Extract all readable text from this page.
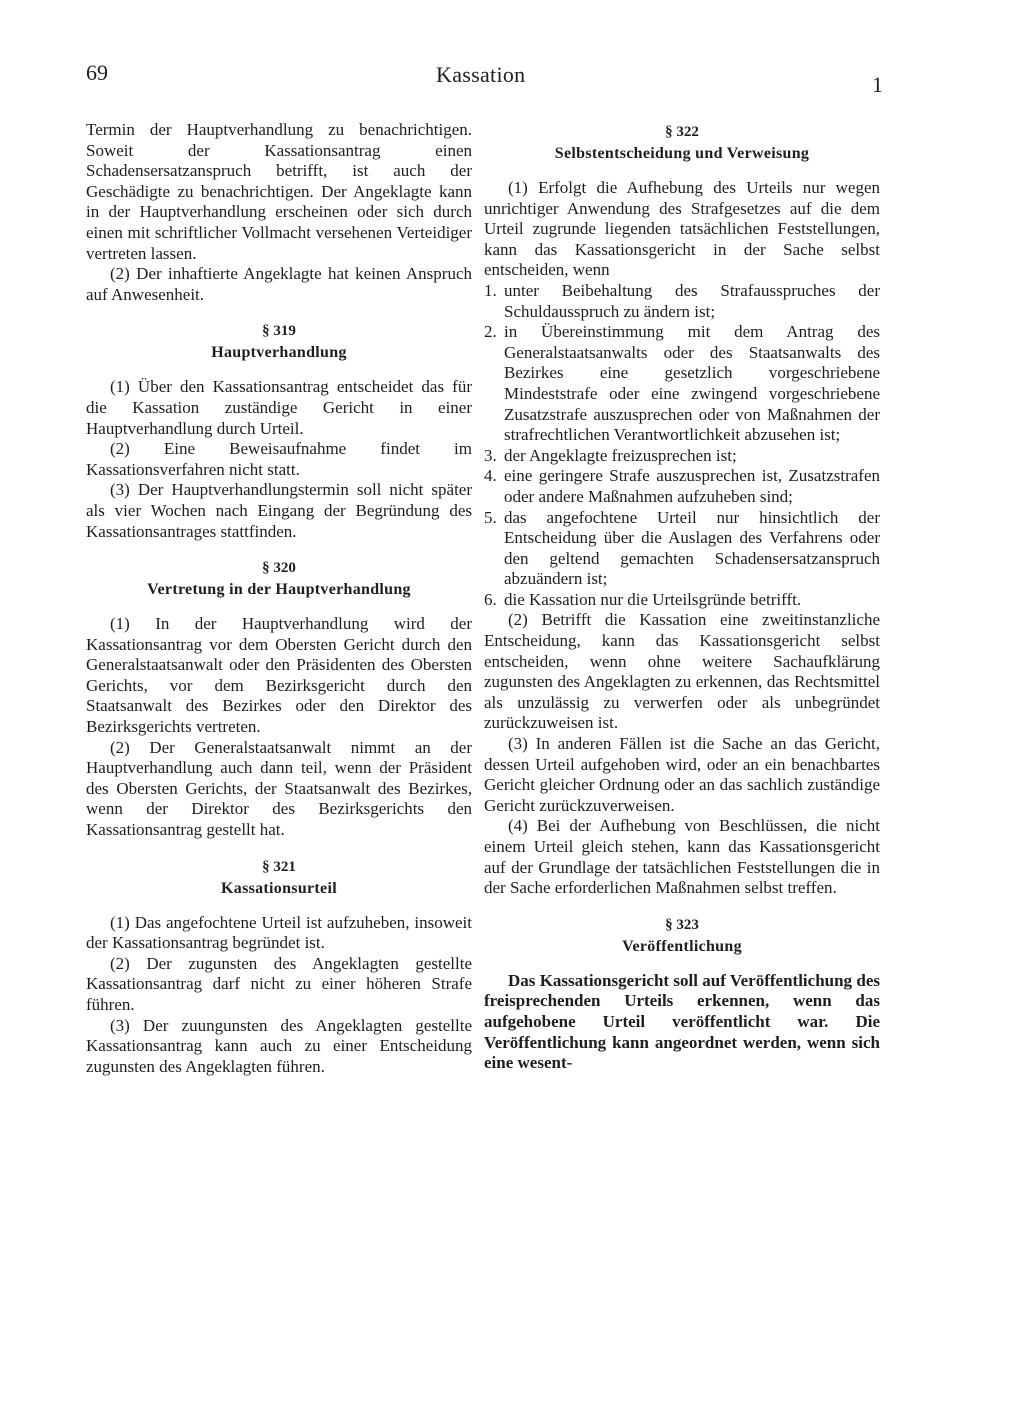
69	Kassation	1

Termin der Hauptverhandlung zu benachrichtigen. Soweit der Kassationsantrag einen Schadensersatzanspruch betrifft, ist auch der Geschädigte zu benachrichtigen. Der Angeklagte kann in der Hauptverhandlung erscheinen oder sich durch einen mit schriftlicher Vollmacht versehenen Verteidiger vertreten lassen.

(2) Der inhaftierte Angeklagte hat keinen Anspruch auf Anwesenheit.

§ 319
Hauptverhandlung

(1) Über den Kassationsantrag entscheidet das für die Kassation zuständige Gericht in einer Hauptverhandlung durch Urteil.

(2) Eine Beweisaufnahme findet im Kassationsverfahren nicht statt.

(3) Der Hauptverhandlungstermin soll nicht später als vier Wochen nach Eingang der Begründung des Kassationsantrages stattfinden.

§ 320
Vertretung in der Hauptverhandlung

(1) In der Hauptverhandlung wird der Kassationsantrag vor dem Obersten Gericht durch den Generalstaatsanwalt oder den Präsidenten des Obersten Gerichts, vor dem Bezirksgericht durch den Staatsanwalt des Bezirkes oder den Direktor des Bezirksgerichts vertreten.

(2) Der Generalstaatsanwalt nimmt an der Hauptverhandlung auch dann teil, wenn der Präsident des Obersten Gerichts, der Staatsanwalt des Bezirkes, wenn der Direktor des Bezirksgerichts den Kassationsantrag gestellt hat.

§ 321
Kassationsurteil

(1) Das angefochtene Urteil ist aufzuheben, insoweit der Kassationsantrag begründet ist.

(2) Der zugunsten des Angeklagten gestellte Kassationsantrag darf nicht zu einer höheren Strafe führen.

(3) Der zuungunsten des Angeklagten gestellte Kassationsantrag kann auch zu einer Entscheidung zugunsten des Angeklagten führen.

§ 322
Selbstentscheidung und Verweisung

(1) Erfolgt die Aufhebung des Urteils nur wegen unrichtiger Anwendung des Strafgesetzes auf die dem Urteil zugrunde liegenden tatsächlichen Feststellungen, kann das Kassationsgericht in der Sache selbst entscheiden, wenn

1. unter Beibehaltung des Strafausspruches der Schuldausspruch zu ändern ist;
2. in Übereinstimmung mit dem Antrag des Generalstaatsanwalts oder des Staatsanwalts des Bezirkes eine gesetzlich vorgeschriebene Mindeststrafe oder eine zwingend vorgeschriebene Zusatzstrafe auszusprechen oder von Maßnahmen der strafrechtlichen Verantwortlichkeit abzusehen ist;
3. der Angeklagte freizusprechen ist;
4. eine geringere Strafe auszusprechen ist, Zusatzstrafen oder andere Maßnahmen aufzuheben sind;
5. das angefochtene Urteil nur hinsichtlich der Entscheidung über die Auslagen des Verfahrens oder den geltend gemachten Schadensersatzanspruch abzuändern ist;
6. die Kassation nur die Urteilsgründe betrifft.

(2) Betrifft die Kassation eine zweitinstanzliche Entscheidung, kann das Kassationsgericht selbst entscheiden, wenn ohne weitere Sachaufklärung zugunsten des Angeklagten zu erkennen, das Rechtsmittel als unzulässig zu verwerfen oder als unbegründet zurückzuweisen ist.

(3) In anderen Fällen ist die Sache an das Gericht, dessen Urteil aufgehoben wird, oder an ein benachbartes Gericht gleicher Ordnung oder an das sachlich zuständige Gericht zurückzuverweisen.

(4) Bei der Aufhebung von Beschlüssen, die nicht einem Urteil gleich stehen, kann das Kassationsgericht auf der Grundlage der tatsächlichen Feststellungen die in der Sache erforderlichen Maßnahmen selbst treffen.

§ 323
Veröffentlichung

Das Kassationsgericht soll auf Veröffentlichung des freisprechenden Urteils erkennen, wenn das aufgehobene Urteil veröffentlicht war. Die Veröffentlichung kann angeordnet werden, wenn sich eine wesent-
